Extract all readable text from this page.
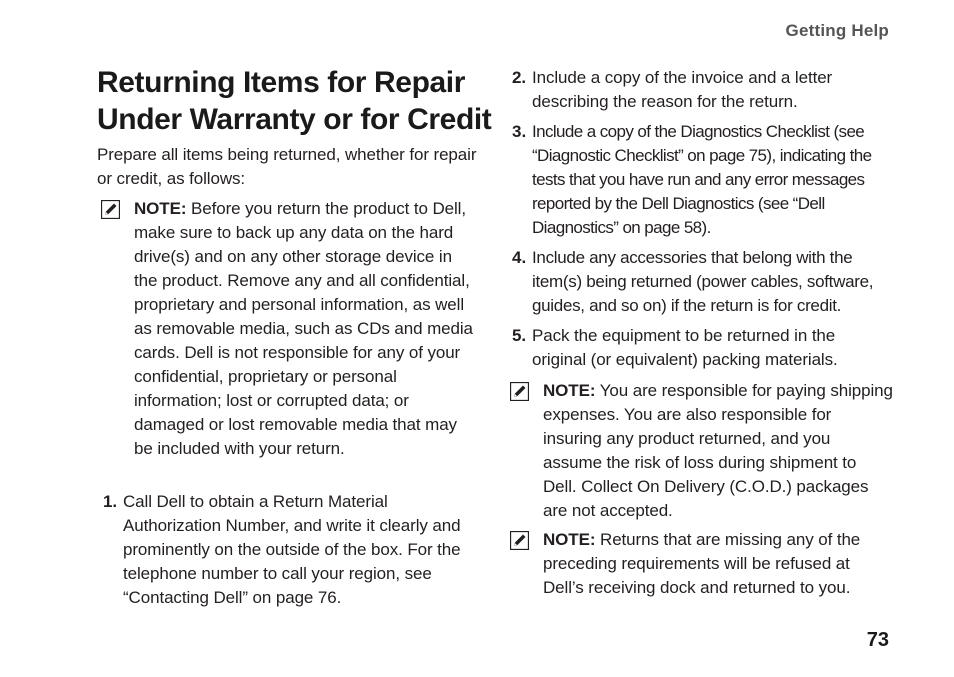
Getting Help
Returning Items for Repair Under Warranty or for Credit

Prepare all items being returned, whether for repair or credit, as follows:

NOTE: Before you return the product to Dell, make sure to back up any data on the hard drive(s) and on any other storage device in the product. Remove any and all confidential, proprietary and personal information, as well as removable media, such as CDs and media cards. Dell is not responsible for any of your confidential, proprietary or personal information; lost or corrupted data; or damaged or lost removable media that may be included with your return.
1. Call Dell to obtain a Return Material Authorization Number, and write it clearly and prominently on the outside of the box. For the telephone number to call your region, see “Contacting Dell” on page 76.
2. Include a copy of the invoice and a letter describing the reason for the return.
3. Include a copy of the Diagnostics Checklist (see “Diagnostic Checklist” on page 75), indicating the tests that you have run and any error messages reported by the Dell Diagnostics (see “Dell Diagnostics” on page 58).
4. Include any accessories that belong with the item(s) being returned (power cables, software, guides, and so on) if the return is for credit.
5. Pack the equipment to be returned in the original (or equivalent) packing materials.
NOTE: You are responsible for paying shipping expenses. You are also responsible for insuring any product returned, and you assume the risk of loss during shipment to Dell. Collect On Delivery (C.O.D.) packages are not accepted.
NOTE: Returns that are missing any of the preceding requirements will be refused at Dell’s receiving dock and returned to you.
73
